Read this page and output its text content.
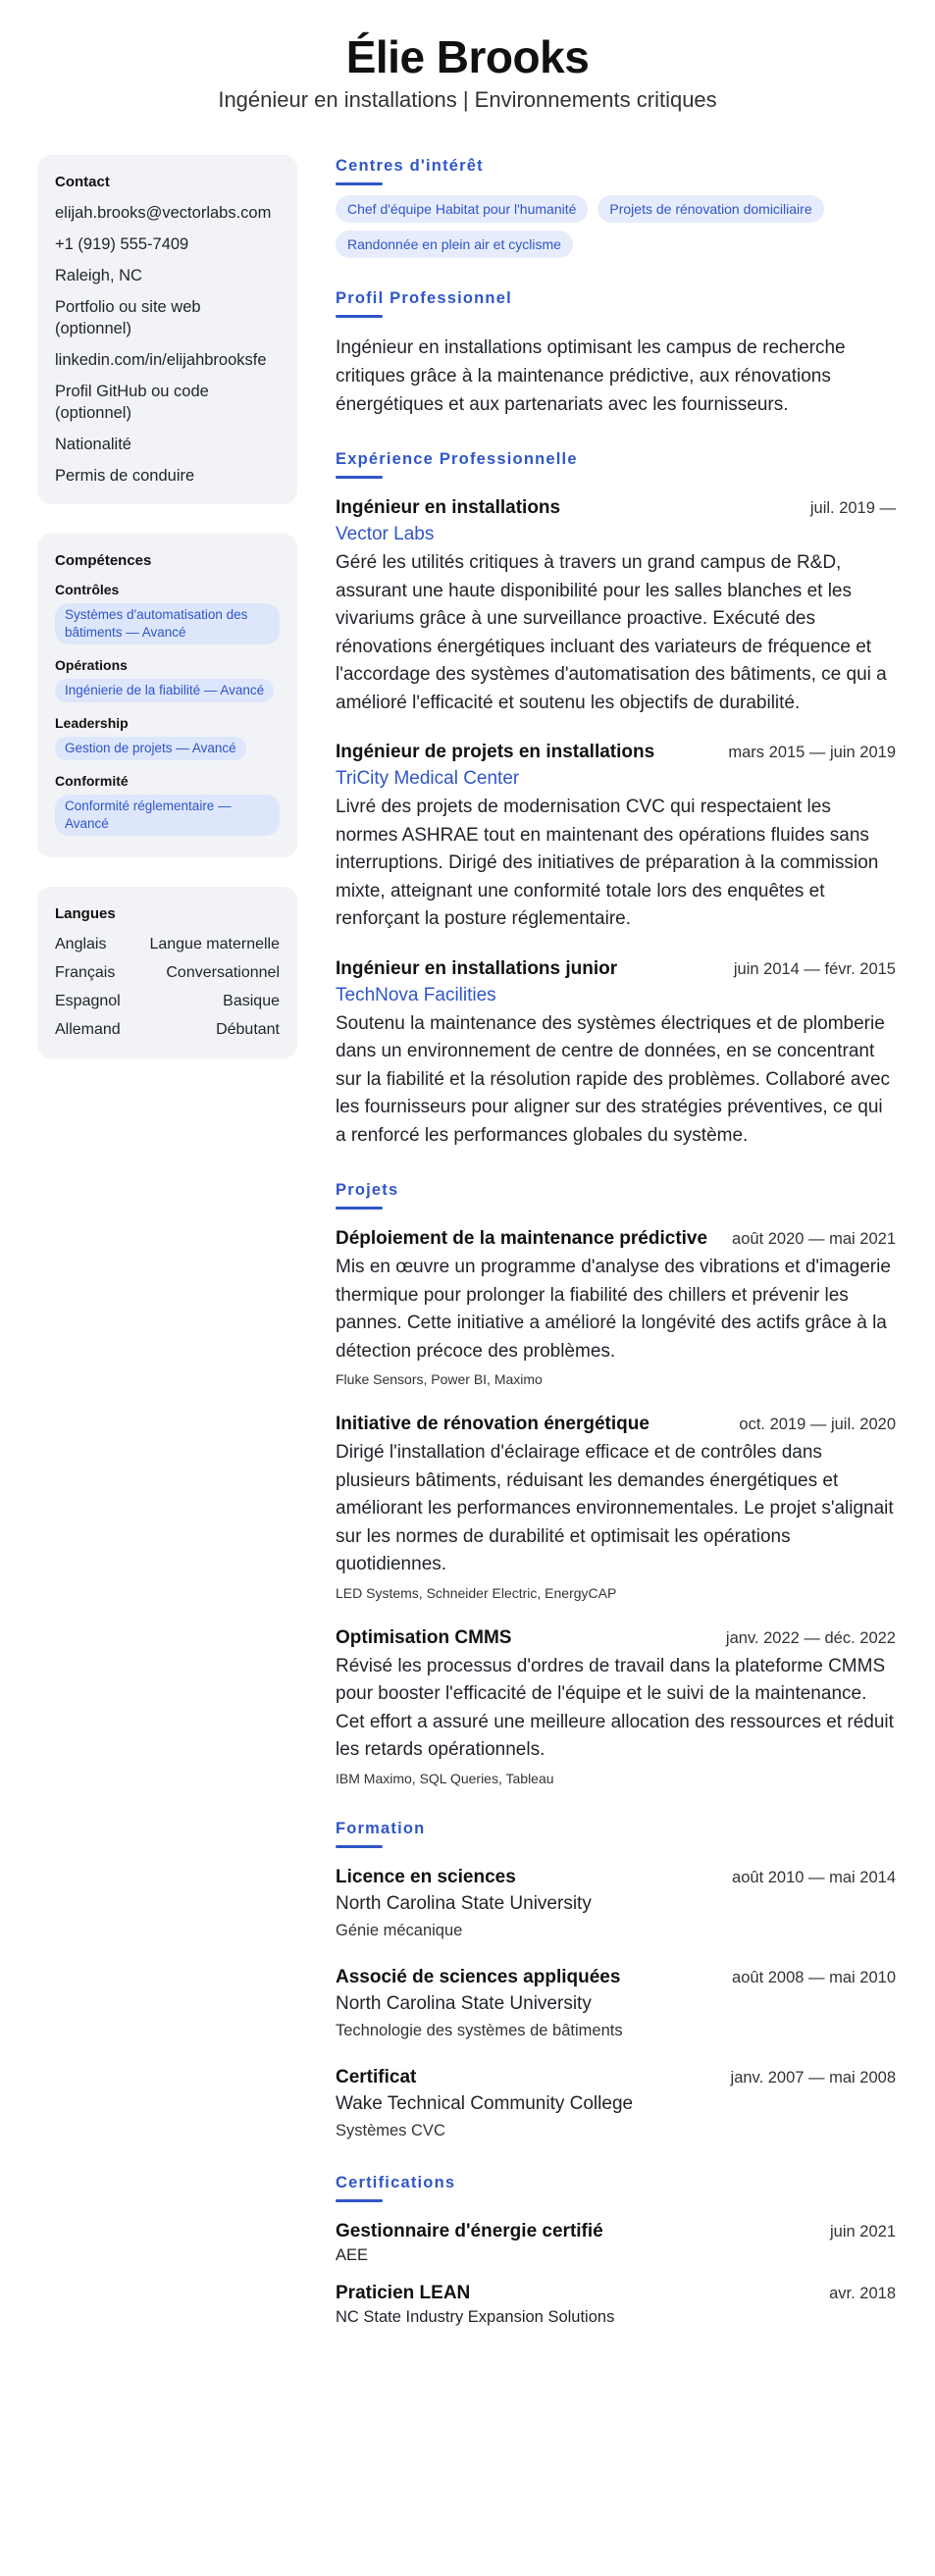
Élie Brooks
Ingénieur en installations | Environnements critiques
Contact
elijah.brooks@vectorlabs.com
+1 (919) 555-7409
Raleigh, NC
Portfolio ou site web (optionnel)
linkedin.com/in/elijahbrooksfe
Profil GitHub ou code (optionnel)
Nationalité
Permis de conduire
Compétences
Contrôles
Systèmes d'automatisation des bâtiments — Avancé
Opérations
Ingénierie de la fiabilité — Avancé
Leadership
Gestion de projets — Avancé
Conformité
Conformité réglementaire — Avancé
Langues
Anglais	Langue maternelle
Français	Conversationnel
Espagnol	Basique
Allemand	Débutant
Centres d'intérêt
Chef d'équipe Habitat pour l'humanité	Projets de rénovation domiciliaire
Randonnée en plein air et cyclisme
Profil Professionnel
Ingénieur en installations optimisant les campus de recherche critiques grâce à la maintenance prédictive, aux rénovations énergétiques et aux partenariats avec les fournisseurs.
Expérience Professionnelle
Ingénieur en installations	juil. 2019 —
Vector Labs
Géré les utilités critiques à travers un grand campus de R&D, assurant une haute disponibilité pour les salles blanches et les vivariums grâce à une surveillance proactive. Exécuté des rénovations énergétiques incluant des variateurs de fréquence et l'accordage des systèmes d'automatisation des bâtiments, ce qui a amélioré l'efficacité et soutenu les objectifs de durabilité.
Ingénieur de projets en installations	mars 2015 — juin 2019
TriCity Medical Center
Livré des projets de modernisation CVC qui respectaient les normes ASHRAE tout en maintenant des opérations fluides sans interruptions. Dirigé des initiatives de préparation à la commission mixte, atteignant une conformité totale lors des enquêtes et renforçant la posture réglementaire.
Ingénieur en installations junior	juin 2014 — févr. 2015
TechNova Facilities
Soutenu la maintenance des systèmes électriques et de plomberie dans un environnement de centre de données, en se concentrant sur la fiabilité et la résolution rapide des problèmes. Collaboré avec les fournisseurs pour aligner sur des stratégies préventives, ce qui a renforcé les performances globales du système.
Projets
Déploiement de la maintenance prédictive août 2020 — mai 2021
Mis en œuvre un programme d'analyse des vibrations et d'imagerie thermique pour prolonger la fiabilité des chillers et prévenir les pannes. Cette initiative a amélioré la longévité des actifs grâce à la détection précoce des problèmes.
Fluke Sensors, Power BI, Maximo
Initiative de rénovation énergétique	oct. 2019 — juil. 2020
Dirigé l'installation d'éclairage efficace et de contrôles dans plusieurs bâtiments, réduisant les demandes énergétiques et améliorant les performances environnementales. Le projet s'alignait sur les normes de durabilité et optimisait les opérations quotidiennes.
LED Systems, Schneider Electric, EnergyCAP
Optimisation CMMS	janv. 2022 — déc. 2022
Révisé les processus d'ordres de travail dans la plateforme CMMS pour booster l'efficacité de l'équipe et le suivi de la maintenance. Cet effort a assuré une meilleure allocation des ressources et réduit les retards opérationnels.
IBM Maximo, SQL Queries, Tableau
Formation
Licence en sciences	août 2010 — mai 2014
North Carolina State University
Génie mécanique
Associé de sciences appliquées	août 2008 — mai 2010
North Carolina State University
Technologie des systèmes de bâtiments
Certificat	janv. 2007 — mai 2008
Wake Technical Community College
Systèmes CVC
Certifications
Gestionnaire d'énergie certifié	juin 2021
AEE
Praticien LEAN	avr. 2018
NC State Industry Expansion Solutions
